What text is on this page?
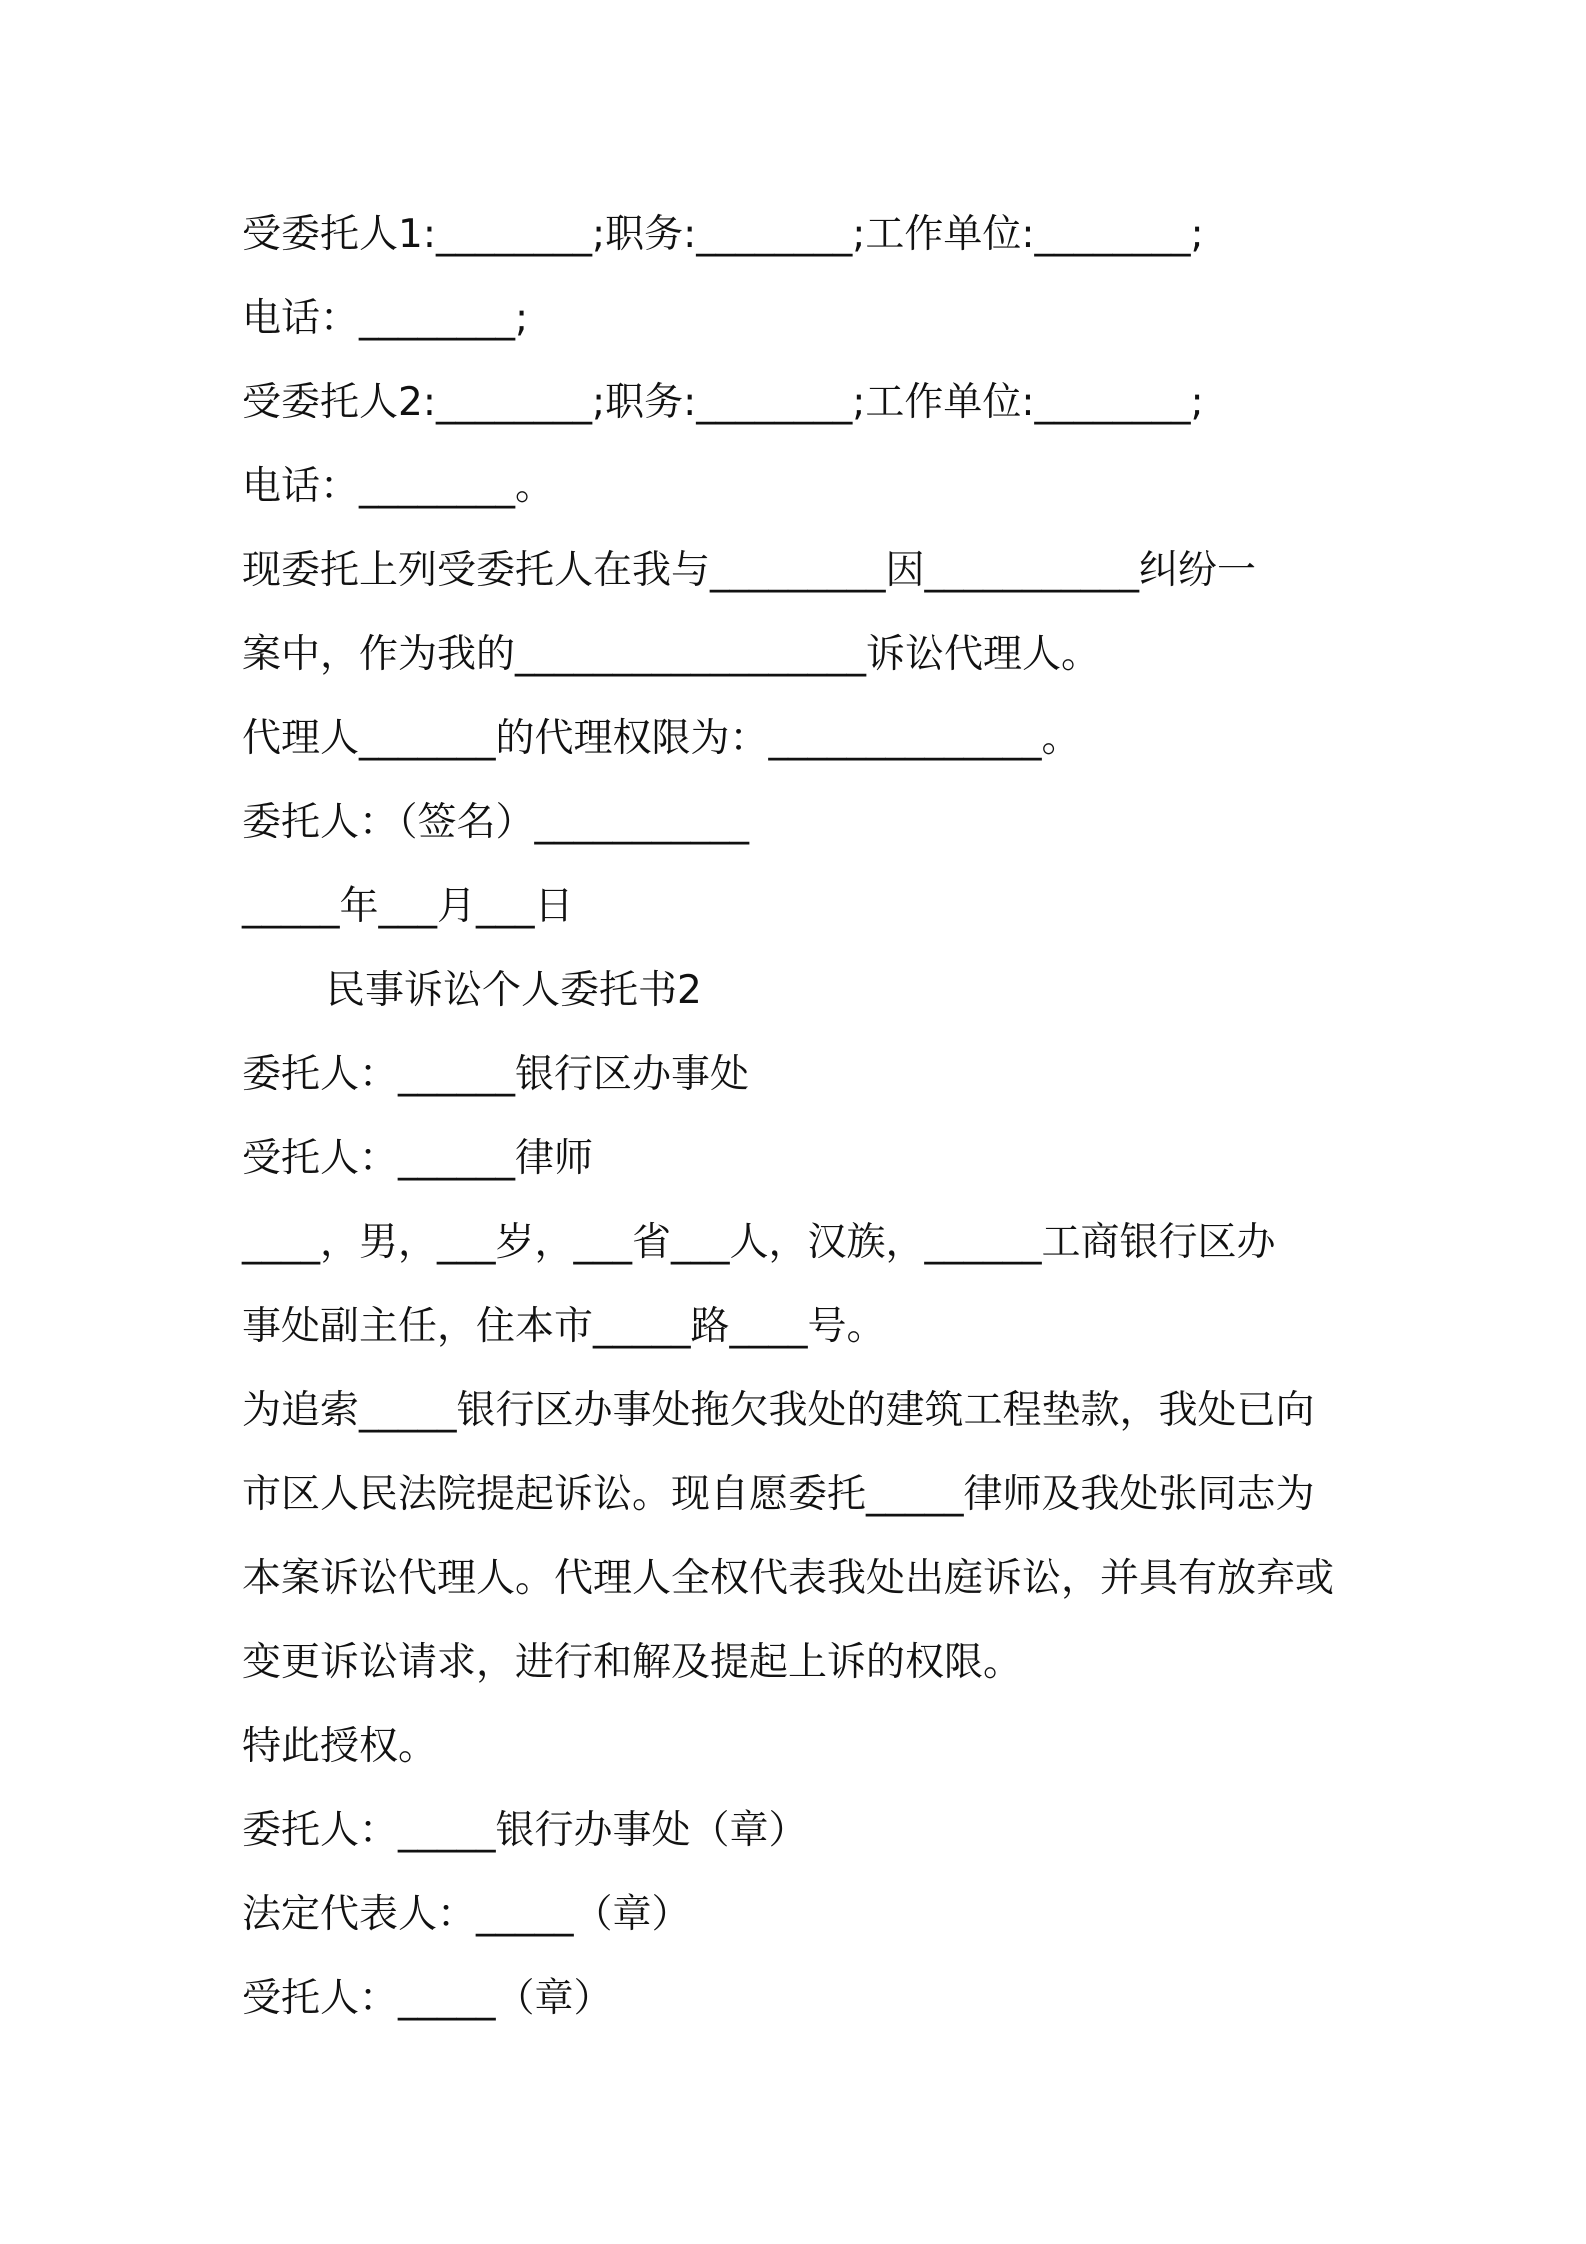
受委托人1:________;职务:________;工作单位:________;
电话：________;
受委托人2:________;职务:________;工作单位:________;
电话：________。
现委托上列受委托人在我与_________因___________纠纷一
案中，作为我的__________________诉讼代理人。
代理人_______的代理权限为：______________。
委托人：（签名）___________
_____年___月___日
民事诉讼个人委托书2
委托人：______银行区办事处
受托人：______律师
____，男，___岁，___省___人，汉族，______工商银行区办
事处副主任，住本市_____路____号。
为追索_____银行区办事处拖欠我处的建筑工程垫款，我处已向
市区人民法院提起诉讼。现自愿委托_____律师及我处张同志为
本案诉讼代理人。代理人全权代表我处出庭诉讼，并具有放弃或
变更诉讼请求，进行和解及提起上诉的权限。
特此授权。
委托人：_____银行办事处（章）
法定代表人：_____（章）
受托人：_____（章）
